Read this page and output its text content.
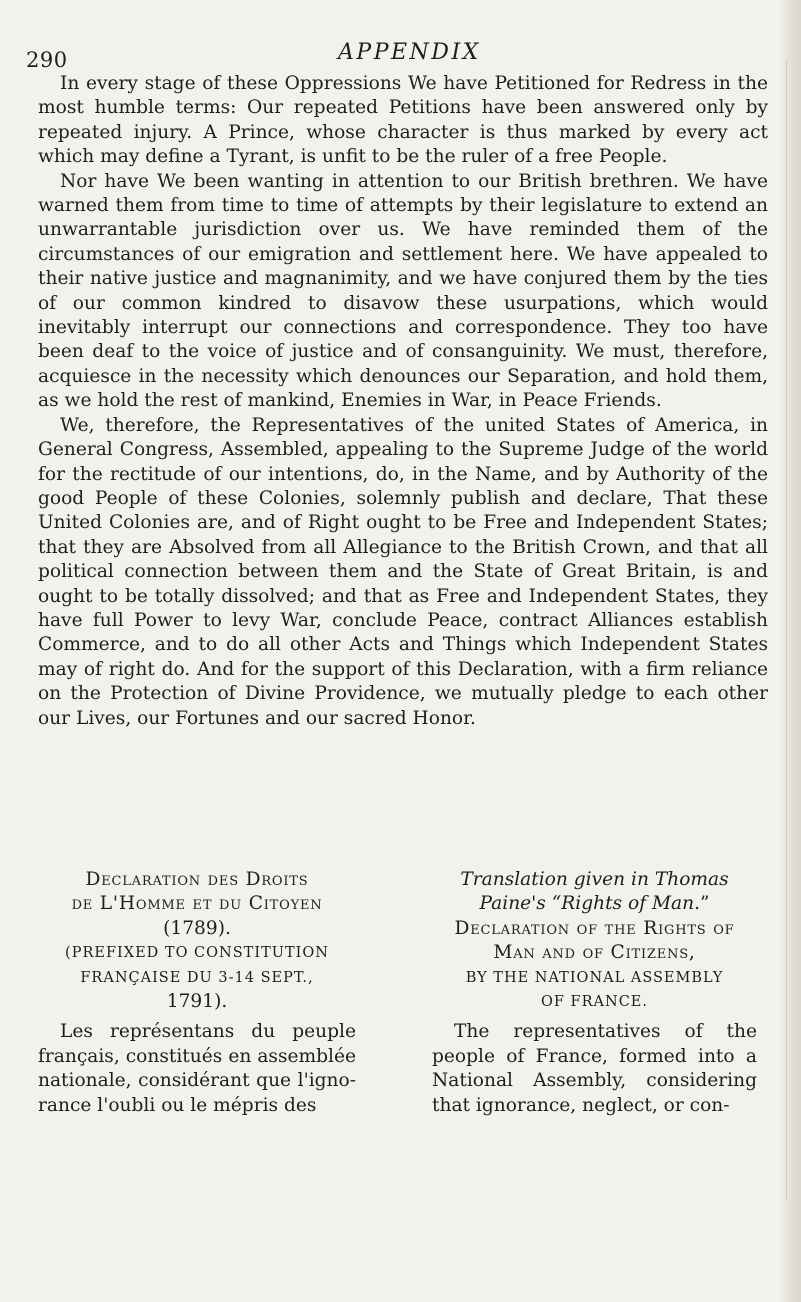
290	APPENDIX

In every stage of these Oppressions We have Petitioned for Redress in the most humble terms: Our repeated Petitions have been answered only by repeated injury. A Prince, whose character is thus marked by every act which may define a Tyrant, is unfit to be the ruler of a free People.

Nor have We been wanting in attention to our British brethren. We have warned them from time to time of attempts by their legislature to extend an unwarrantable jurisdiction over us. We have reminded them of the circumstances of our emigration and settlement here. We have appealed to their native justice and magnanimity, and we have conjured them by the ties of our common kindred to disavow these usurpations, which would inevitably interrupt our connections and correspondence. They too have been deaf to the voice of justice and of consanguinity. We must, therefore, acquiesce in the necessity which denounces our Separation, and hold them, as we hold the rest of mankind, Enemies in War, in Peace Friends.

We, therefore, the Representatives of the united States of America, in General Congress, Assembled, appealing to the Supreme Judge of the world for the rectitude of our intentions, do, in the Name, and by Authority of the good People of these Colonies, solemnly publish and declare, That these United Colonies are, and of Right ought to be Free and Independent States; that they are Absolved from all Allegiance to the British Crown, and that all political connection between them and the State of Great Britain, is and ought to be totally dissolved; and that as Free and Independent States, they have full Power to levy War, conclude Peace, contract Alliances establish Commerce, and to do all other Acts and Things which Independent States may of right do. And for the support of this Declaration, with a firm reliance on the Protection of Divine Providence, we mutually pledge to each other our Lives, our Fortunes and our sacred Honor.

Declaration des Droits

de L'Homme et du Citoyen

(1789).

(PREFIXED TO CONSTITUTION

FRANÇAISE DU 3-14 SEPT.,

1791).

Les représentans du peuple français, constitués en assemblée nationale, considérant que l'igno-rance l'oubli ou le mépris des

Translation given in Thomas

Paine's “Rights of Man.”

Declaration of the Rights of

Man and of Citizens,

BY THE NATIONAL ASSEMBLY

OF FRANCE.

The representatives of the people of France, formed into a National Assembly, considering that ignorance, neglect, or con-
